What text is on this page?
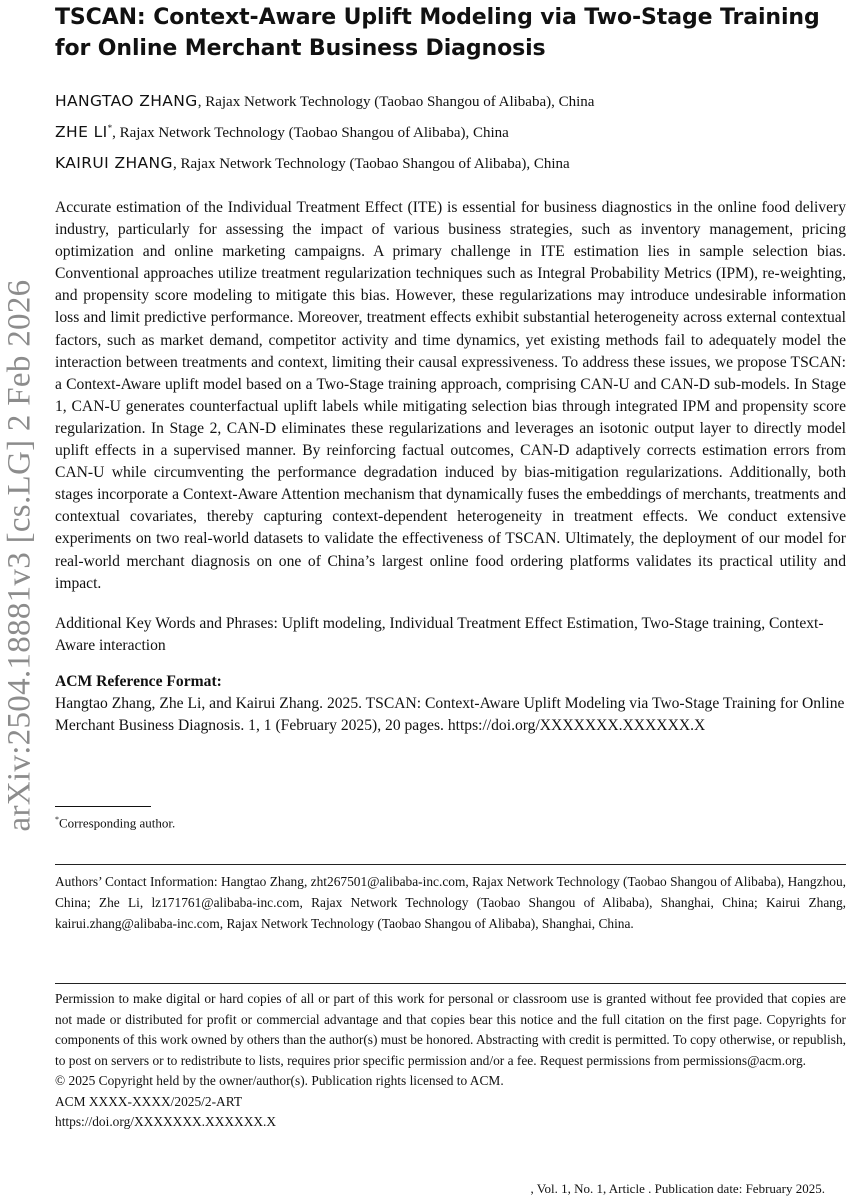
arXiv:2504.18881v3 [cs.LG] 2 Feb 2026
TSCAN: Context-Aware Uplift Modeling via Two-Stage Training for Online Merchant Business Diagnosis
HANGTAO ZHANG, Rajax Network Technology (Taobao Shangou of Alibaba), China
ZHE LI*, Rajax Network Technology (Taobao Shangou of Alibaba), China
KAIRUI ZHANG, Rajax Network Technology (Taobao Shangou of Alibaba), China

Accurate estimation of the Individual Treatment Effect (ITE) is essential for business diagnostics in the online food delivery industry, particularly for assessing the impact of various business strategies, such as inventory management, pricing optimization and online marketing campaigns. A primary challenge in ITE estimation lies in sample selection bias. Conventional approaches utilize treatment regularization techniques such as Integral Probability Metrics (IPM), re-weighting, and propensity score modeling to mitigate this bias. However, these regularizations may introduce undesirable information loss and limit predictive performance. Moreover, treatment effects exhibit substantial heterogeneity across external contextual factors, such as market demand, competitor activity and time dynamics, yet existing methods fail to adequately model the interaction between treatments and context, limiting their causal expressiveness. To address these issues, we propose TSCAN: a Context-Aware uplift model based on a Two-Stage training approach, comprising CAN-U and CAN-D sub-models. In Stage 1, CAN-U generates counterfactual uplift labels while mitigating selection bias through integrated IPM and propensity score regularization. In Stage 2, CAN-D eliminates these regularizations and leverages an isotonic output layer to directly model uplift effects in a supervised manner. By reinforcing factual outcomes, CAN-D adaptively corrects estimation errors from CAN-U while circumventing the performance degradation induced by bias-mitigation regularizations. Additionally, both stages incorporate a Context-Aware Attention mechanism that dynamically fuses the embeddings of merchants, treatments and contextual covariates, thereby capturing context-dependent heterogeneity in treatment effects. We conduct extensive experiments on two real-world datasets to validate the effectiveness of TSCAN. Ultimately, the deployment of our model for real-world merchant diagnosis on one of China’s largest online food ordering platforms validates its practical utility and impact.

Additional Key Words and Phrases: Uplift modeling, Individual Treatment Effect Estimation, Two-Stage training, Context-Aware interaction
ACM Reference Format:
Hangtao Zhang, Zhe Li, and Kairui Zhang. 2025. TSCAN: Context-Aware Uplift Modeling via Two-Stage Training for Online Merchant Business Diagnosis. 1, 1 (February 2025), 20 pages. https://doi.org/XXXXXXX.XXXXXX.X
*Corresponding author.
Authors’ Contact Information: Hangtao Zhang, zht267501@alibaba-inc.com, Rajax Network Technology (Taobao Shangou of Alibaba), Hangzhou, China; Zhe Li, lz171761@alibaba-inc.com, Rajax Network Technology (Taobao Shangou of Alibaba), Shanghai, China; Kairui Zhang, kairui.zhang@alibaba-inc.com, Rajax Network Technology (Taobao Shangou of Alibaba), Shanghai, China.

Permission to make digital or hard copies of all or part of this work for personal or classroom use is granted without fee provided that copies are not made or distributed for profit or commercial advantage and that copies bear this notice and the full citation on the first page. Copyrights for components of this work owned by others than the author(s) must be honored. Abstracting with credit is permitted. To copy otherwise, or republish, to post on servers or to redistribute to lists, requires prior specific permission and/or a fee. Request permissions from permissions@acm.org.

© 2025 Copyright held by the owner/author(s). Publication rights licensed to ACM.

ACM XXXX-XXXX/2025/2-ART

https://doi.org/XXXXXXX.XXXXXX.X

, Vol. 1, No. 1, Article . Publication date: February 2025.
